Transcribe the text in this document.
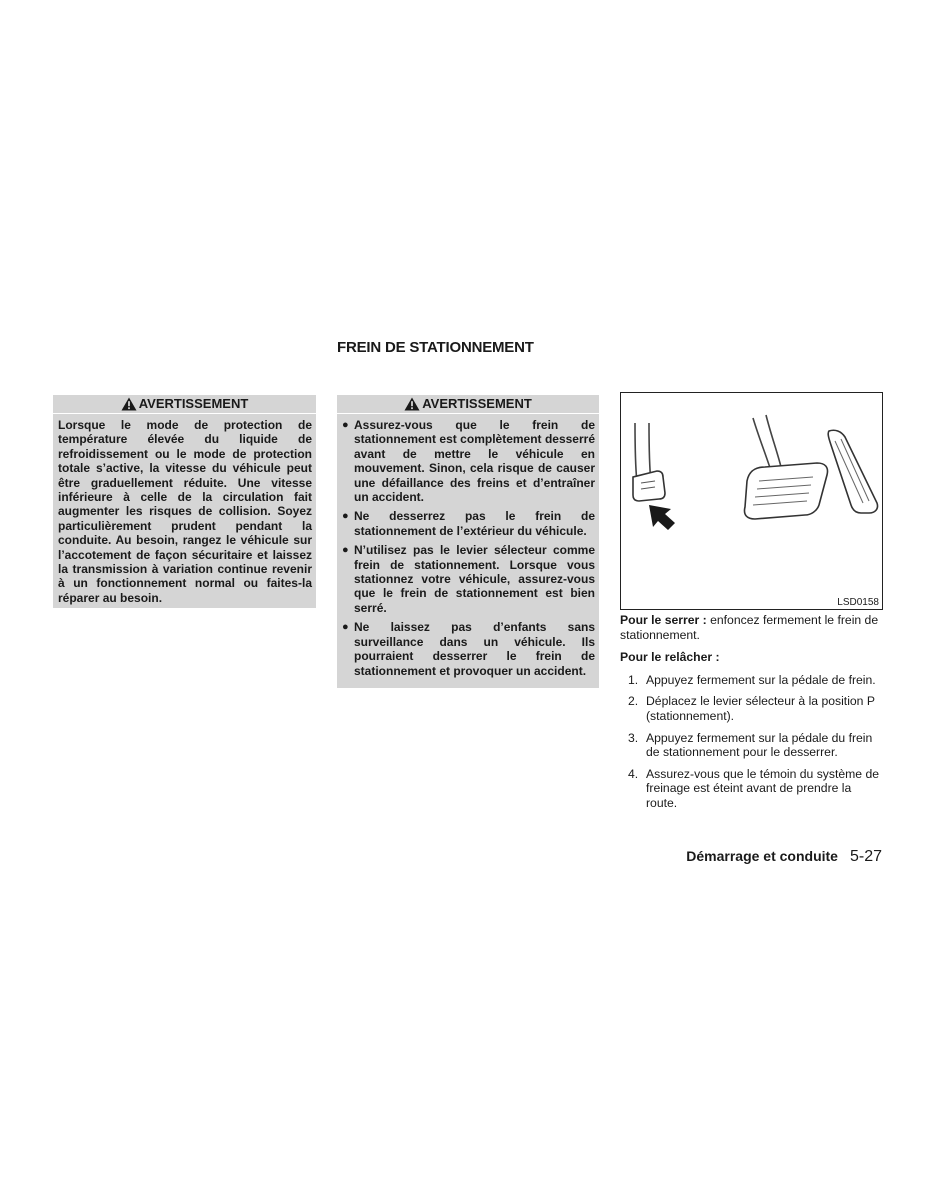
FREIN DE STATIONNEMENT
AVERTISSEMENT
Lorsque le mode de protection de température élevée du liquide de refroidissement ou le mode de protection totale s’active, la vitesse du véhicule peut être graduellement réduite. Une vitesse inférieure à celle de la circulation fait augmenter les risques de collision. Soyez particulièrement prudent pendant la conduite. Au besoin, rangez le véhicule sur l’accotement de façon sécuritaire et laissez la transmission à variation continue revenir à un fonctionnement normal ou faites-la réparer au besoin.
AVERTISSEMENT
● Assurez-vous que le frein de stationnement est complètement desserré avant de mettre le véhicule en mouvement. Sinon, cela risque de causer une défaillance des freins et d’entraîner un accident.
● Ne desserrez pas le frein de stationnement de l’extérieur du véhicule.
● N’utilisez pas le levier sélecteur comme frein de stationnement. Lorsque vous stationnez votre véhicule, assurez-vous que le frein de stationnement est bien serré.
● Ne laissez pas d’enfants sans surveillance dans un véhicule. Ils pourraient desserrer le frein de stationnement et provoquer un accident.
LSD0158

Pour le serrer : enfoncez fermement le frein de stationnement.

Pour le relâcher :

1. Appuyez fermement sur la pédale de frein.
2. Déplacez le levier sélecteur à la position P (stationnement).
3. Appuyez fermement sur la pédale du frein de stationnement pour le desserrer.
4. Assurez-vous que le témoin du système de freinage est éteint avant de prendre la route.
Démarrage et conduite 5-27
